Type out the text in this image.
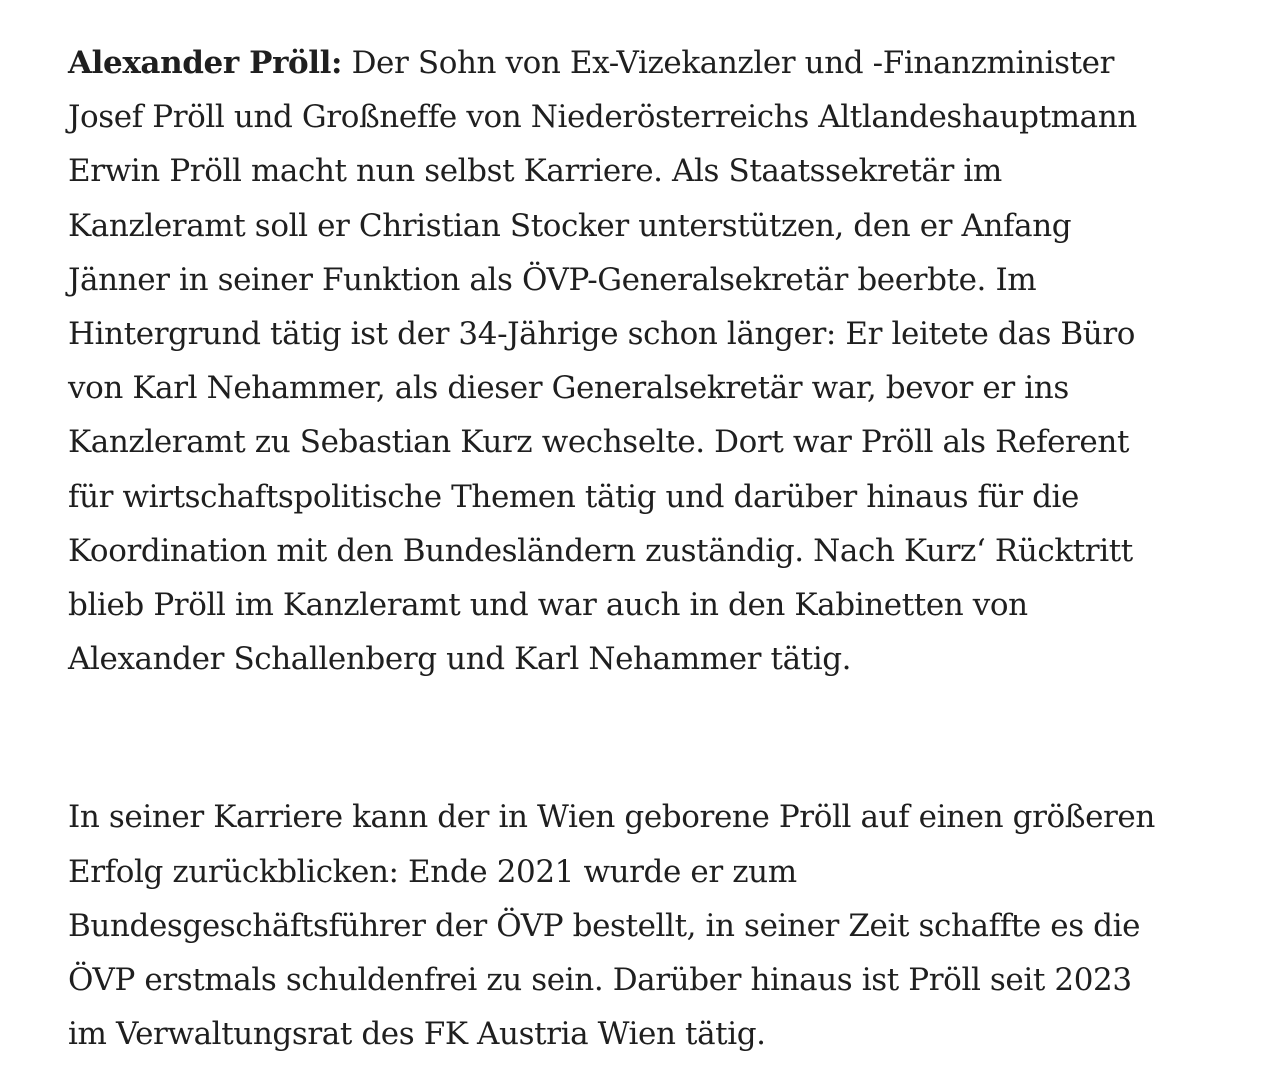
Alexander Pröll: Der Sohn von Ex-Vizekanzler und -Finanzminister
Josef Pröll und Großneffe von Niederösterreichs Altlandeshauptmann
Erwin Pröll macht nun selbst Karriere. Als Staatssekretär im
Kanzleramt soll er Christian Stocker unterstützen, den er Anfang
Jänner in seiner Funktion als ÖVP-Generalsekretär beerbte. Im
Hintergrund tätig ist der 34-Jährige schon länger: Er leitete das Büro
von Karl Nehammer, als dieser Generalsekretär war, bevor er ins
Kanzleramt zu Sebastian Kurz wechselte. Dort war Pröll als Referent
für wirtschaftspolitische Themen tätig und darüber hinaus für die
Koordination mit den Bundesländern zuständig. Nach Kurz‘ Rücktritt
blieb Pröll im Kanzleramt und war auch in den Kabinetten von
Alexander Schallenberg und Karl Nehammer tätig.

In seiner Karriere kann der in Wien geborene Pröll auf einen größeren
Erfolg zurückblicken: Ende 2021 wurde er zum
Bundesgeschäftsführer der ÖVP bestellt, in seiner Zeit schaffte es die
ÖVP erstmals schuldenfrei zu sein. Darüber hinaus ist Pröll seit 2023
im Verwaltungsrat des FK Austria Wien tätig.
